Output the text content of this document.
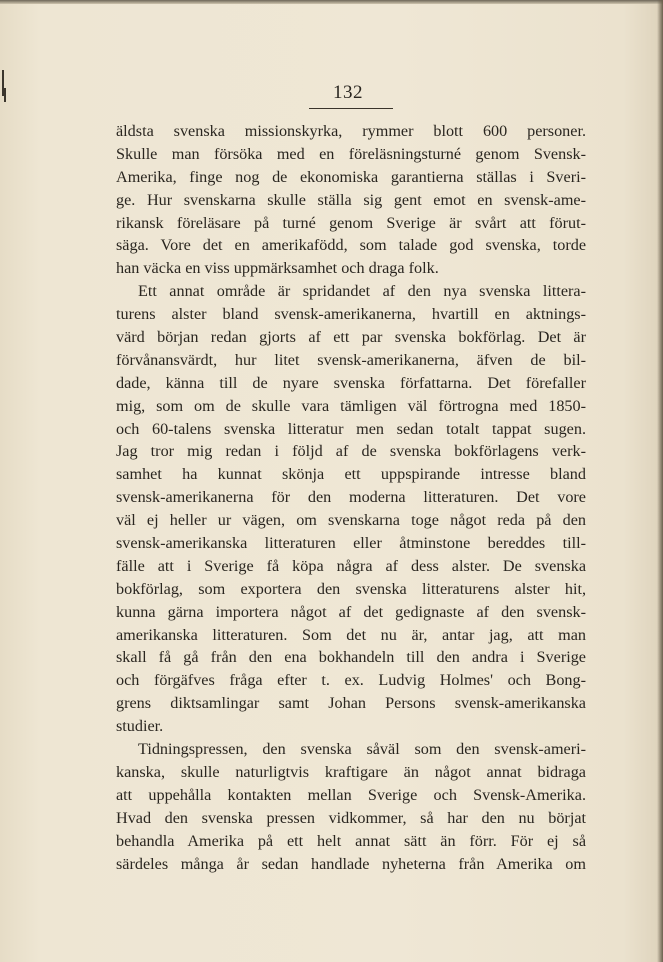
132
äldsta svenska missionskyrka, rymmer blott 600 personer.
Skulle man försöka med en föreläsningsturné genom Svensk-
Amerika, finge nog de ekonomiska garantierna ställas i Sveri-
ge. Hur svenskarna skulle ställa sig gent emot en svensk-ame-
rikansk föreläsare på turné genom Sverige är svårt att förut-
säga. Vore det en amerikafödd, som talade god svenska, torde
han väcka en viss uppmärksamhet och draga folk.
Ett annat område är spridandet af den nya svenska littera-
turens alster bland svensk-amerikanerna, hvartill en aktnings-
värd början redan gjorts af ett par svenska bokförlag. Det är
förvånansvärdt, hur litet svensk-amerikanerna, äfven de bil-
dade, känna till de nyare svenska författarna. Det förefaller
mig, som om de skulle vara tämligen väl förtrogna med 1850-
och 60-talens svenska litteratur men sedan totalt tappat sugen.
Jag tror mig redan i följd af de svenska bokförlagens verk-
samhet ha kunnat skönja ett uppspirande intresse bland
svensk-amerikanerna för den moderna litteraturen. Det vore
väl ej heller ur vägen, om svenskarna toge något reda på den
svensk-amerikanska litteraturen eller åtminstone bereddes till-
fälle att i Sverige få köpa några af dess alster. De svenska
bokförlag, som exportera den svenska litteraturens alster hit,
kunna gärna importera något af det gedignaste af den svensk-
amerikanska litteraturen. Som det nu är, antar jag, att man
skall få gå från den ena bokhandeln till den andra i Sverige
och förgäfves fråga efter t. ex. Ludvig Holmes' och Bong-
grens diktsamlingar samt Johan Persons svensk-amerikanska
studier.
Tidningspressen, den svenska såväl som den svensk-ameri-
kanska, skulle naturligtvis kraftigare än något annat bidraga
att uppehålla kontakten mellan Sverige och Svensk-Amerika.
Hvad den svenska pressen vidkommer, så har den nu börjat
behandla Amerika på ett helt annat sätt än förr. För ej så
särdeles många år sedan handlade nyheterna från Amerika om
